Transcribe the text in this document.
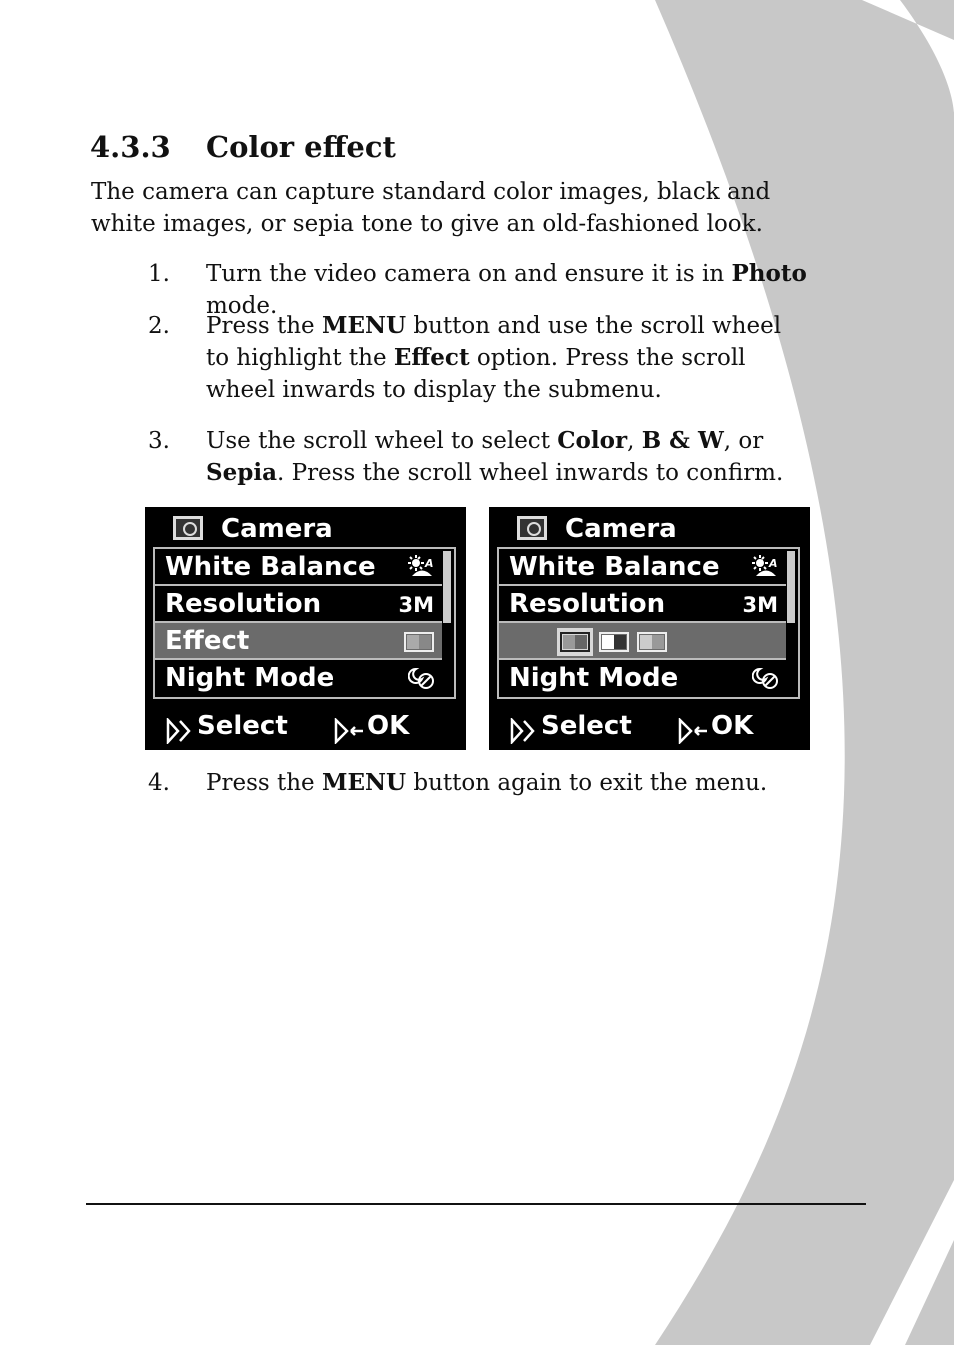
4.3.3 Color effect

The camera can capture standard color images, black and white images, or sepia tone to give an old-fashioned look.

1. Turn the video camera on and ensure it is in Photo mode.
2. Press the MENU button and use the scroll wheel to highlight the Effect option. Press the scroll wheel inwards to display the submenu.
3. Use the scroll wheel to select Color, B & W, or Sepia. Press the scroll wheel inwards to confirm.
Camera
White Balance	A
Resolution	3M
Effect
Night Mode
Select	OK
Camera
White Balance	A
Resolution	3M
Night Mode
Select	OK
4. Press the MENU button again to exit the menu.
